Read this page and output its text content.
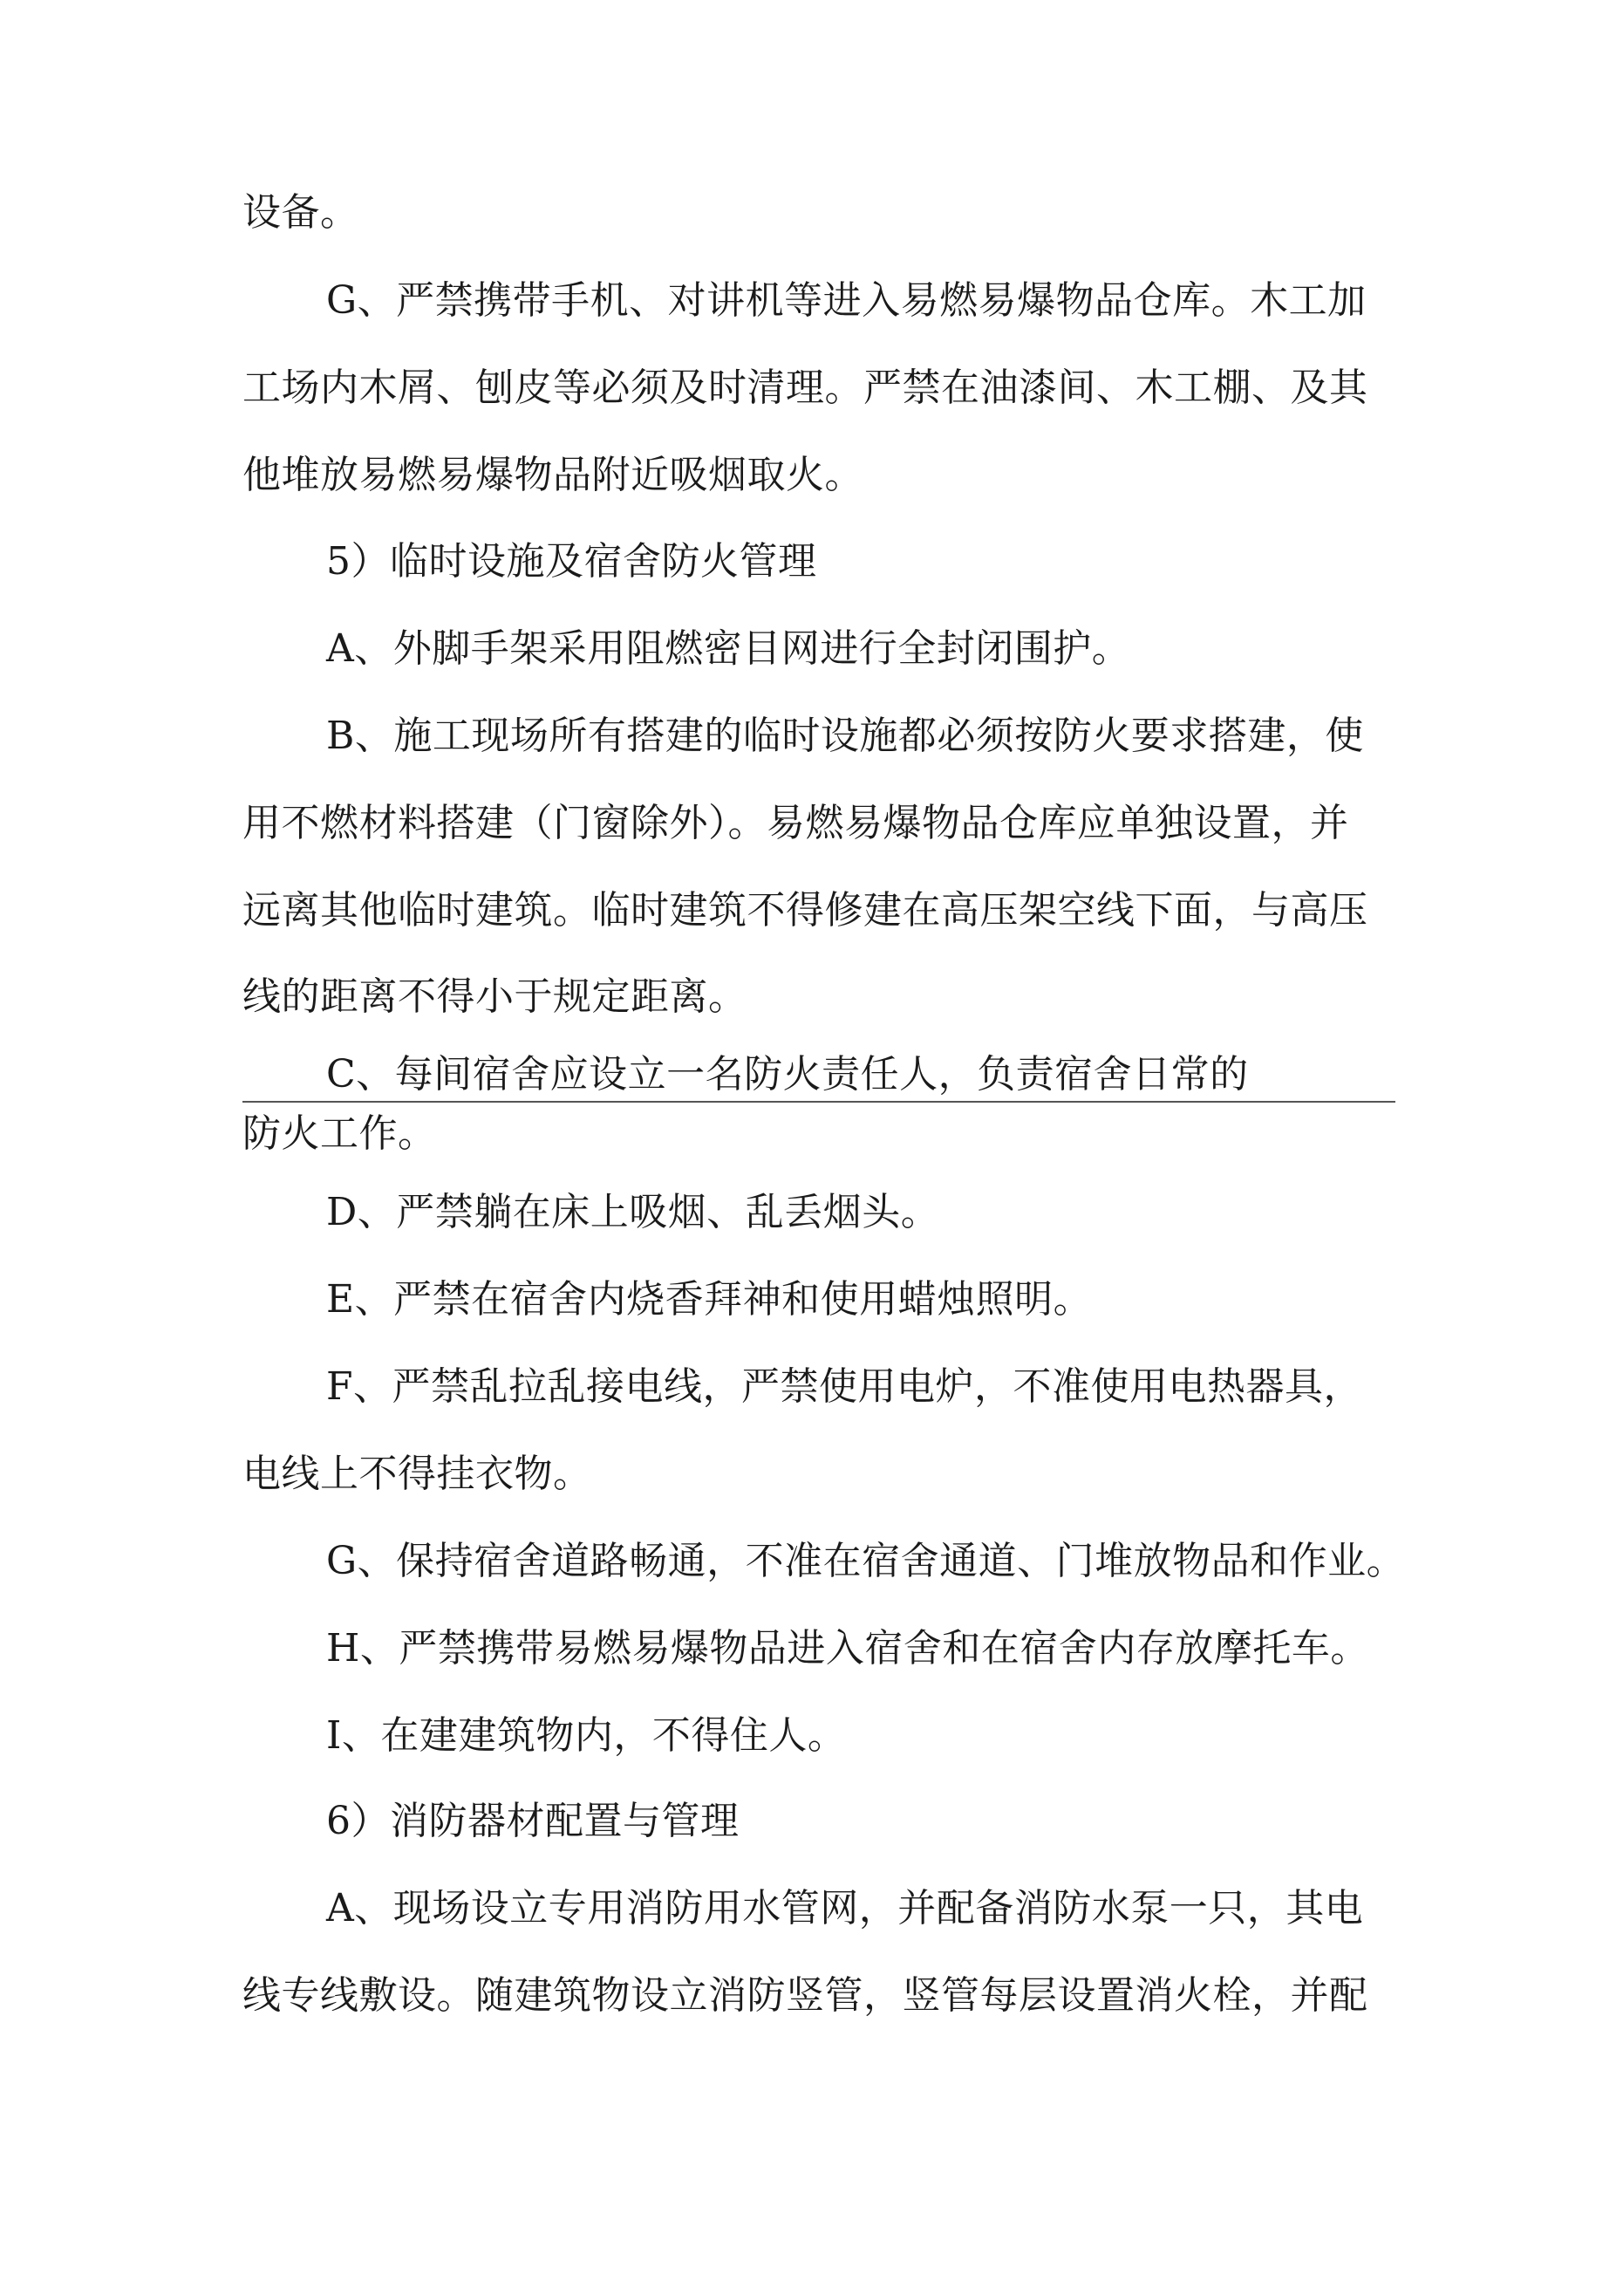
设备。
G、严禁携带手机、对讲机等进入易燃易爆物品仓库。木工加
工场内木屑、刨皮等必须及时清理。严禁在油漆间、木工棚、及其
他堆放易燃易爆物品附近吸烟取火。
5）临时设施及宿舍防火管理
A、外脚手架采用阻燃密目网进行全封闭围护。
B、施工现场所有搭建的临时设施都必须按防火要求搭建，使
用不燃材料搭建（门窗除外）。易燃易爆物品仓库应单独设置，并
远离其他临时建筑。临时建筑不得修建在高压架空线下面，与高压
线的距离不得小于规定距离。
C、每间宿舍应设立一名防火责任人，负责宿舍日常的
防火工作。
D、严禁躺在床上吸烟、乱丢烟头。
E、严禁在宿舍内烧香拜神和使用蜡烛照明。
F、严禁乱拉乱接电线，严禁使用电炉，不准使用电热器具，
电线上不得挂衣物。
G、保持宿舍道路畅通，不准在宿舍通道、门堆放物品和作业。
H、严禁携带易燃易爆物品进入宿舍和在宿舍内存放摩托车。
I、在建建筑物内，不得住人。
6）消防器材配置与管理
A、现场设立专用消防用水管网，并配备消防水泵一只，其电
线专线敷设。随建筑物设立消防竖管，竖管每层设置消火栓，并配
